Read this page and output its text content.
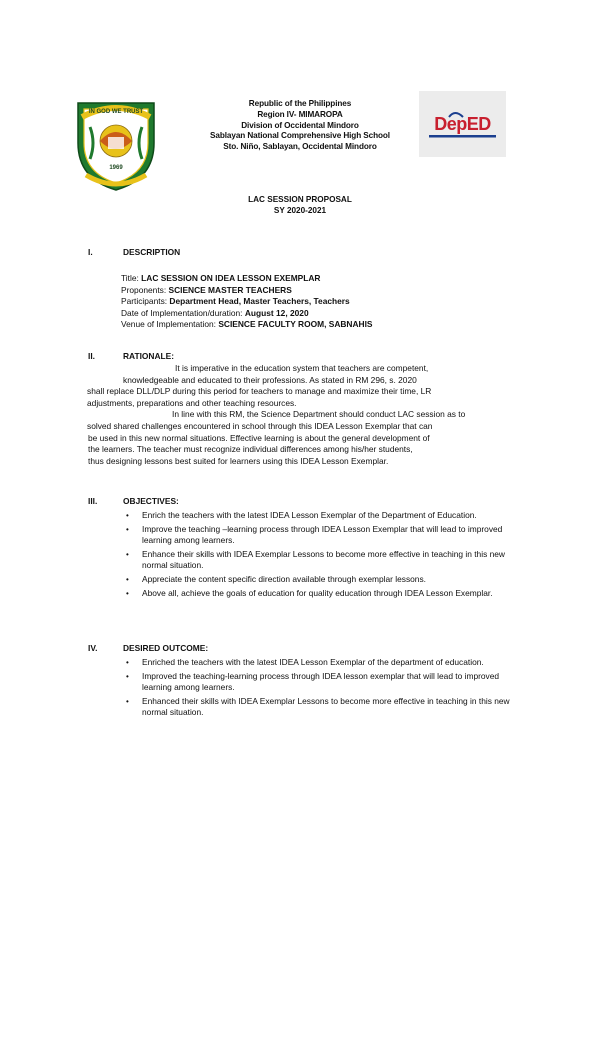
IN GOD WE TRUST
1969
Republic of the Philippines
Region IV- MIMAROPA
Division of Occidental Mindoro
Sablayan National Comprehensive High School
Sto. Niño, Sablayan, Occidental Mindoro
DepED
LAC SESSION PROPOSAL
SY 2020-2021
I.	DESCRIPTION
Title: LAC SESSION ON IDEA LESSON EXEMPLAR
Proponents: SCIENCE MASTER TEACHERS
Participants: Department Head, Master Teachers, Teachers
Date of Implementation/duration: August 12, 2020
Venue of Implementation: SCIENCE FACULTY ROOM, SABNAHIS
II.	RATIONALE:
It is imperative in the education system that teachers are competent,
knowledgeable and educated to their professions. As stated in RM 296, s. 2020
shall replace DLL/DLP during this period for teachers to manage and maximize their time, LR
adjustments, preparations and other teaching resources.
In line with this RM, the Science Department should conduct LAC session as to
solved shared challenges encountered in school through this IDEA Lesson Exemplar that can
be used in this new normal situations. Effective learning is about the general development of
the learners. The teacher must recognize individual differences among his/her students,
thus designing lessons best suited for learners using this IDEA Lesson Exemplar.
III.	OBJECTIVES:
• Enrich the teachers with the latest IDEA Lesson Exemplar of the Department of Education.
• Improve the teaching –learning process through IDEA Lesson Exemplar that will lead to improved learning among learners.
• Enhance their skills with IDEA Exemplar Lessons to become more effective in teaching in this new normal situation.
• Appreciate the content specific direction available through exemplar lessons.
• Above all, achieve the goals of education for quality education through IDEA Lesson Exemplar.
IV.	DESIRED OUTCOME:
• Enriched the teachers with the latest IDEA Lesson Exemplar of the department of education.
• Improved the teaching-learning process through IDEA lesson exemplar that will lead to improved learning among learners.
• Enhanced their skills with IDEA Exemplar Lessons to become more effective in teaching in this new normal situation.
